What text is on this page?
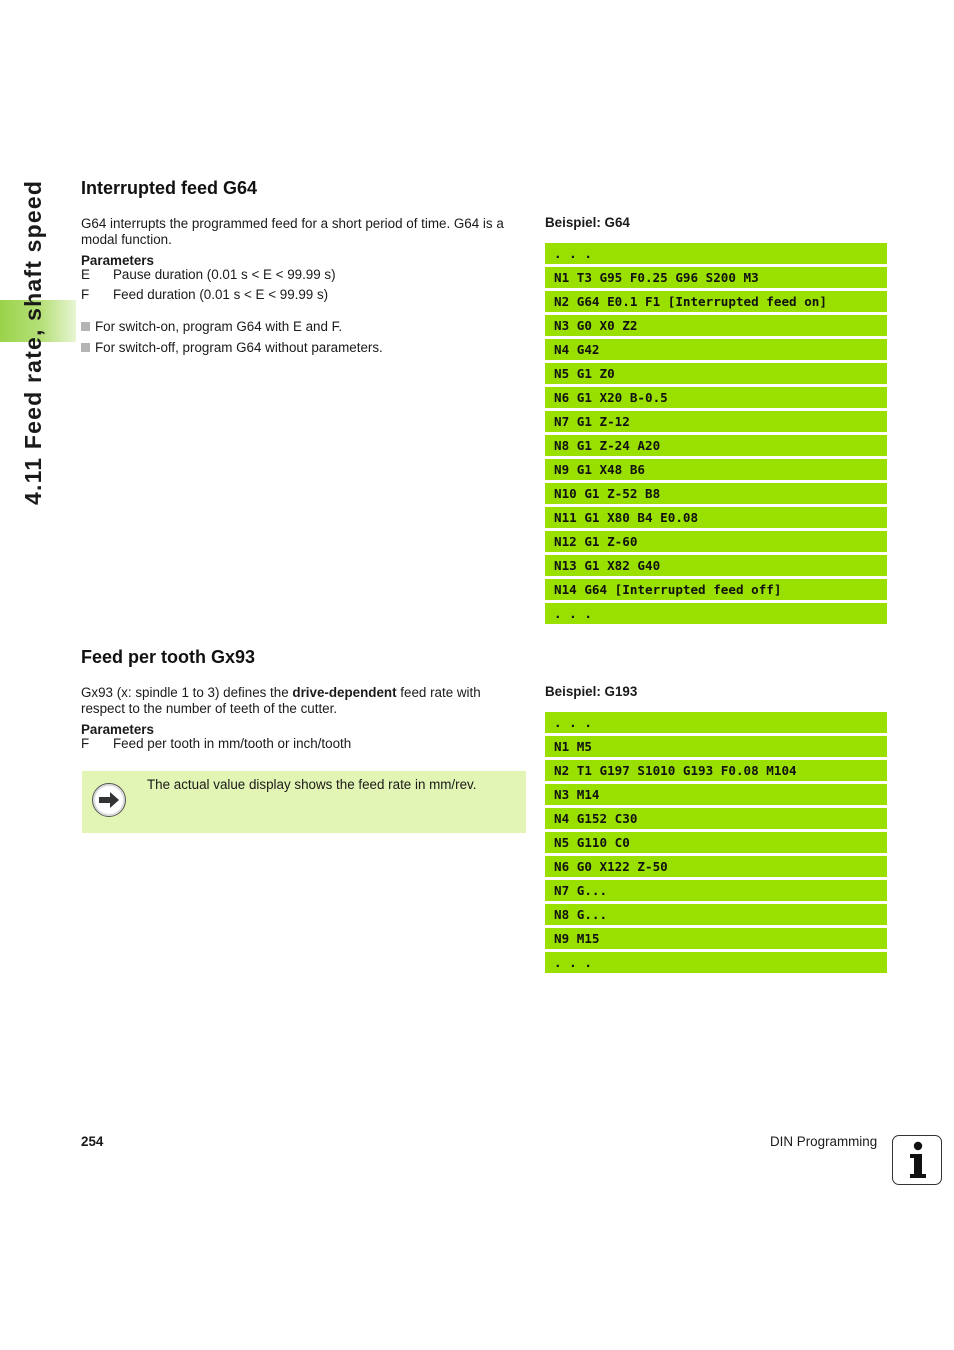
4.11 Feed rate, shaft speed Interrupted feed G64
G64 interrupts the programmed feed for a short period of time. G64 is a modal function.
Parameters
E Pause duration (0.01 s < E < 99.99 s)
F Feed duration (0.01 s < E < 99.99 s)
For switch-on, program G64 with E and F.
For switch-off, program G64 without parameters.
Beispiel: G64
. . .
N1 T3 G95 F0.25 G96 S200 M3
N2 G64 E0.1 F1 [Interrupted feed on]
N3 G0 X0 Z2
N4 G42
N5 G1 Z0
N6 G1 X20 B-0.5
N7 G1 Z-12
N8 G1 Z-24 A20
N9 G1 X48 B6
N10 G1 Z-52 B8
N11 G1 X80 B4 E0.08
N12 G1 Z-60
N13 G1 X82 G40
N14 G64 [Interrupted feed off]
. . .
Feed per tooth Gx93
Gx93 (x: spindle 1 to 3) defines the drive-dependent feed rate with respect to the number of teeth of the cutter.
Parameters
F Feed per tooth in mm/tooth or inch/tooth
The actual value display shows the feed rate in mm/rev.
Beispiel: G193
. . .
N1 M5
N2 T1 G197 S1010 G193 F0.08 M104
N3 M14
N4 G152 C30
N5 G110 C0
N6 G0 X122 Z-50
N7 G...
N8 G...
N9 M15
. . .
254	DIN Programming
